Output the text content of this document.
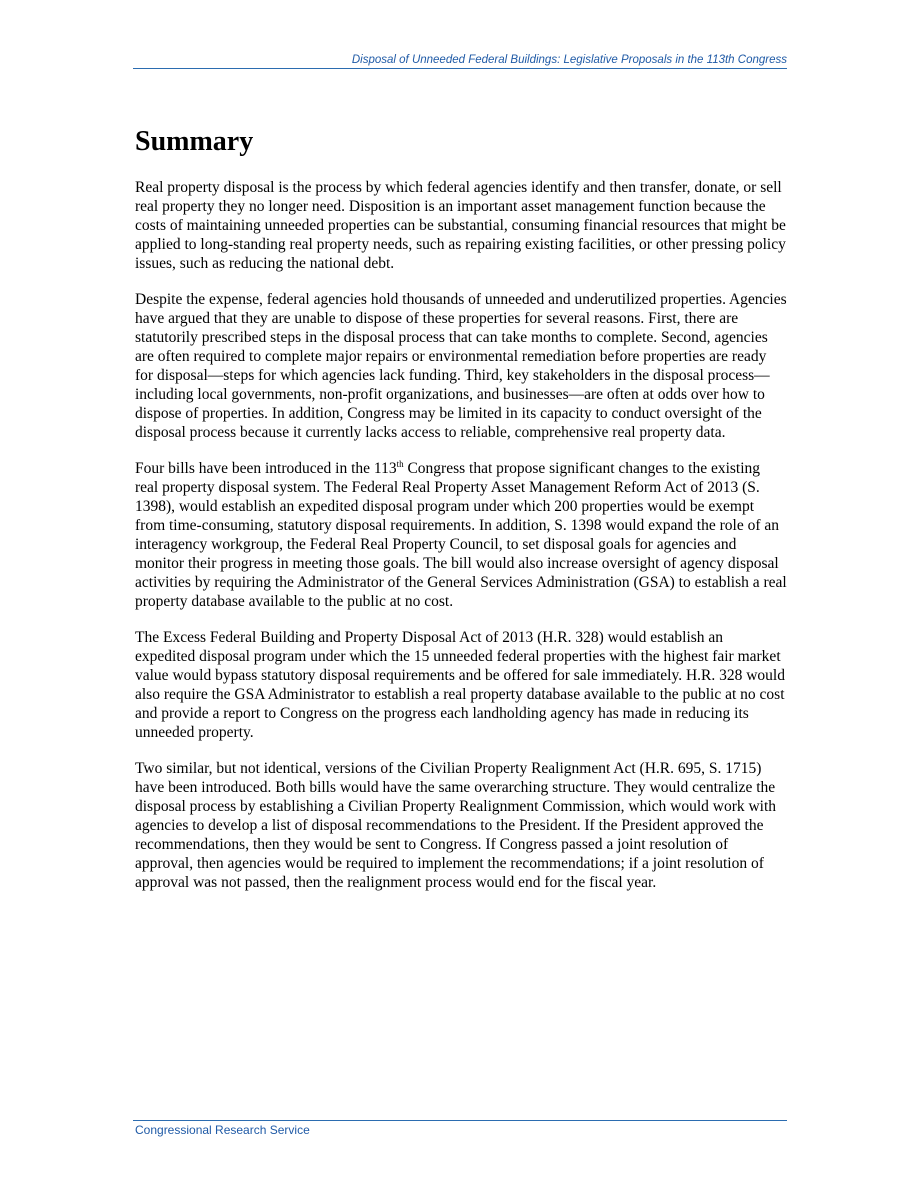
Disposal of Unneeded Federal Buildings: Legislative Proposals in the 113th Congress
Summary

Real property disposal is the process by which federal agencies identify and then transfer, donate, or sell real property they no longer need. Disposition is an important asset management function because the costs of maintaining unneeded properties can be substantial, consuming financial resources that might be applied to long-standing real property needs, such as repairing existing facilities, or other pressing policy issues, such as reducing the national debt.

Despite the expense, federal agencies hold thousands of unneeded and underutilized properties. Agencies have argued that they are unable to dispose of these properties for several reasons. First, there are statutorily prescribed steps in the disposal process that can take months to complete. Second, agencies are often required to complete major repairs or environmental remediation before properties are ready for disposal—steps for which agencies lack funding. Third, key stakeholders in the disposal process—including local governments, non-profit organizations, and businesses—are often at odds over how to dispose of properties. In addition, Congress may be limited in its capacity to conduct oversight of the disposal process because it currently lacks access to reliable, comprehensive real property data.

Four bills have been introduced in the 113th Congress that propose significant changes to the existing real property disposal system. The Federal Real Property Asset Management Reform Act of 2013 (S. 1398), would establish an expedited disposal program under which 200 properties would be exempt from time-consuming, statutory disposal requirements. In addition, S. 1398 would expand the role of an interagency workgroup, the Federal Real Property Council, to set disposal goals for agencies and monitor their progress in meeting those goals. The bill would also increase oversight of agency disposal activities by requiring the Administrator of the General Services Administration (GSA) to establish a real property database available to the public at no cost.

The Excess Federal Building and Property Disposal Act of 2013 (H.R. 328) would establish an expedited disposal program under which the 15 unneeded federal properties with the highest fair market value would bypass statutory disposal requirements and be offered for sale immediately. H.R. 328 would also require the GSA Administrator to establish a real property database available to the public at no cost and provide a report to Congress on the progress each landholding agency has made in reducing its unneeded property.

Two similar, but not identical, versions of the Civilian Property Realignment Act (H.R. 695, S. 1715) have been introduced. Both bills would have the same overarching structure. They would centralize the disposal process by establishing a Civilian Property Realignment Commission, which would work with agencies to develop a list of disposal recommendations to the President. If the President approved the recommendations, then they would be sent to Congress. If Congress passed a joint resolution of approval, then agencies would be required to implement the recommendations; if a joint resolution of approval was not passed, then the realignment process would end for the fiscal year.

Congressional Research Service
